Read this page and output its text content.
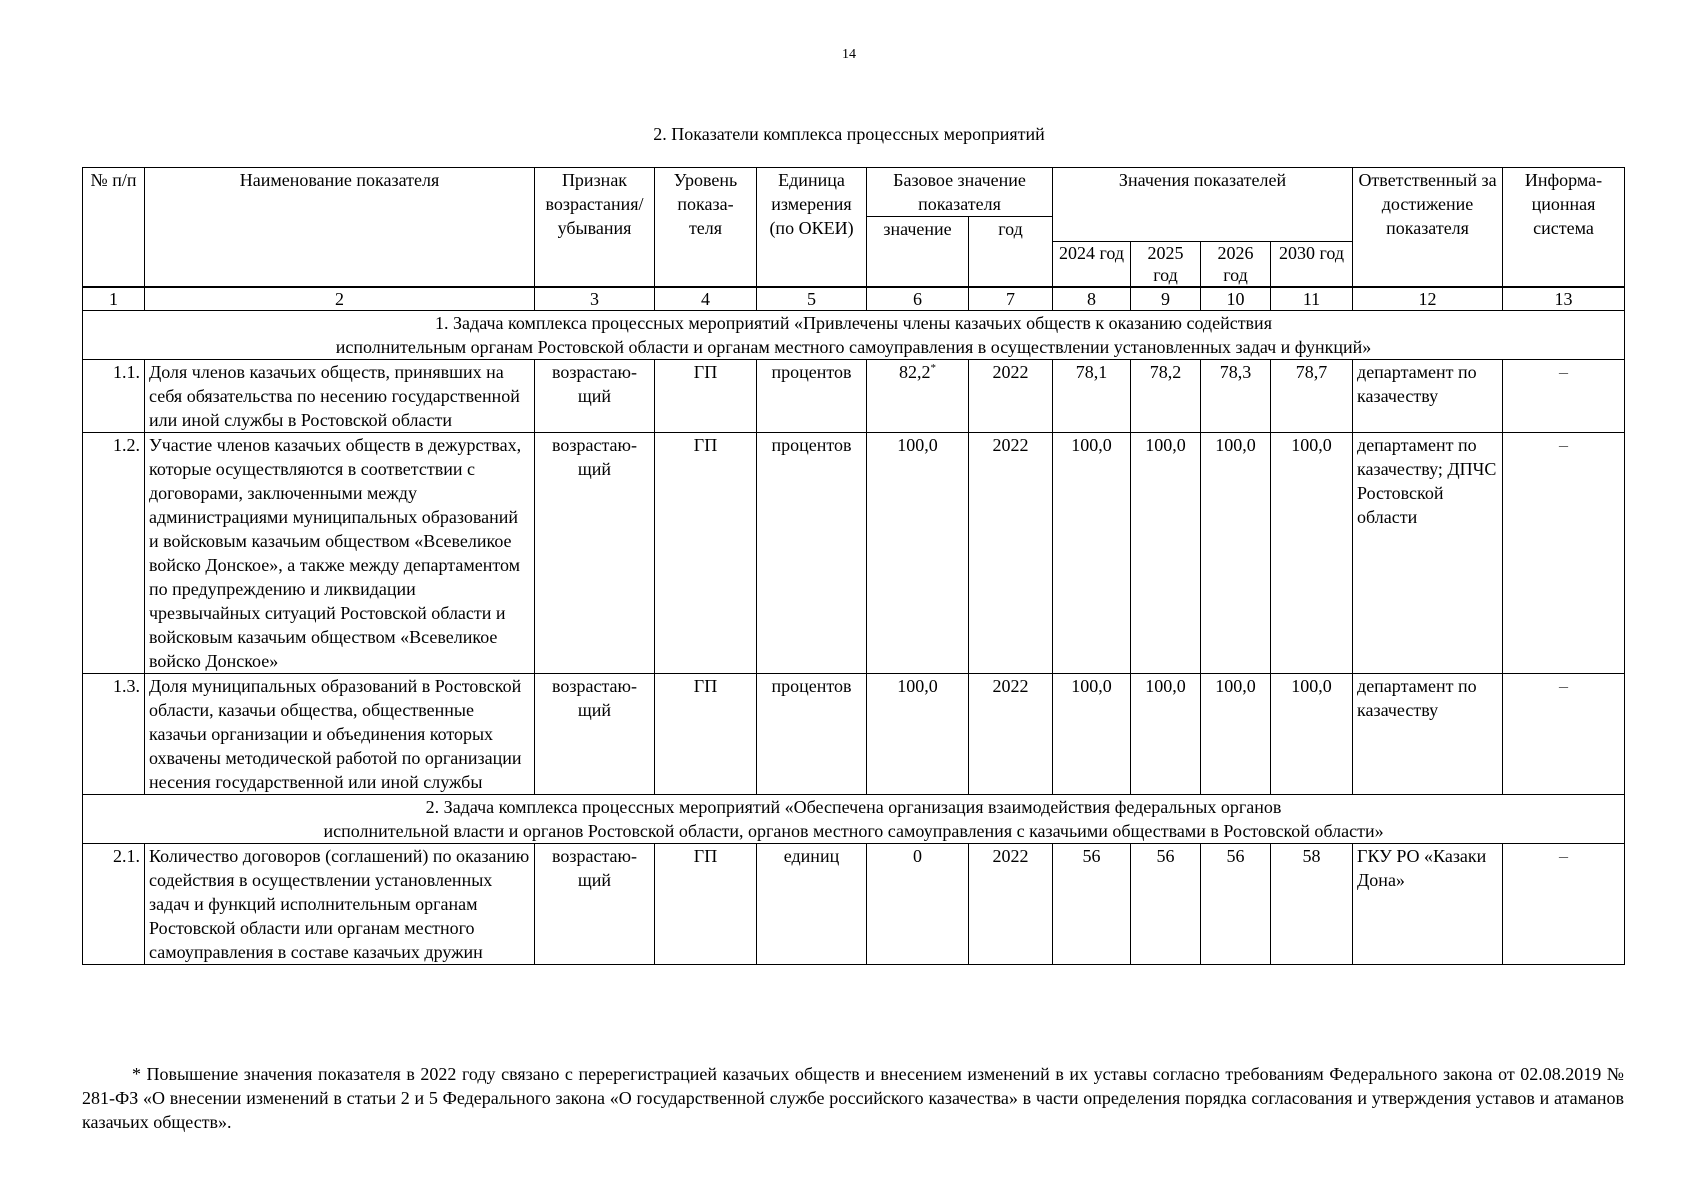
14
2. Показатели комплекса процессных мероприятий
№ п/п	Наименование показателя	Признак возрастания/ убывания	Уровень показа- теля	Единица измерения (по ОКЕИ)	Базовое значение показателя		Значения показателей				Ответственный за достижение показателя	Информа- ционная система
					значение	год						
							2024 год	2025 год	2026 год	2030 год		
1	2	3	4	5	6	7	8	9	10	11	12	13

1. Задача комплекса процессных мероприятий «Привлечены члены казачьих обществ к оказанию содействия
исполнительным органам Ростовской области и органам местного самоуправления в осуществлении установленных задач и функций»												

1.1.	Доля членов казачьих обществ, принявших на себя обязательства по несению государственной или иной службы в Ростовской области	возрастаю- щий	ГП	процентов	82,2*	2022	78,1	78,2	78,3	78,7	департамент по казачеству	–
1.2.	Участие членов казачьих обществ в дежурствах, которые осуществляются в соответствии с договорами, заключенными между администрациями муниципальных образований и войсковым казачьим обществом «Всевеликое войско Донское», а также между департаментом по предупреждению и ликвидации чрезвычайных ситуаций Ростовской области и войсковым казачьим обществом «Всевеликое войско Донское»	возрастаю- щий	ГП	процентов	100,0	2022	100,0	100,0	100,0	100,0	департамент по казачеству; ДПЧС Ростовской области	–
1.3.	Доля муниципальных образований в Ростовской области, казачьи общества, общественные казачьи организации и объединения которых охвачены методической работой по организации несения государственной или иной службы	возрастаю- щий	ГП	процентов	100,0	2022	100,0	100,0	100,0	100,0	департамент по казачеству	–

2. Задача комплекса процессных мероприятий «Обеспечена организация взаимодействия федеральных органов
исполнительной власти и органов Ростовской области, органов местного самоуправления с казачьими обществами в Ростовской области»												

2.1.	Количество договоров (соглашений) по оказанию содействия в осуществлении установленных задач и функций исполнительным органам Ростовской области или органам местного самоуправления в составе казачьих дружин	возрастаю- щий	ГП	единиц	0	2022	56	56	56	58	ГКУ РО «Казаки Дона»	–
* Повышение значения показателя в 2022 году связано с перерегистрацией казачьих обществ и внесением изменений в их уставы согласно требованиям Федерального закона от 02.08.2019 № 281-ФЗ «О внесении изменений в статьи 2 и 5 Федерального закона «О государственной службе российского казачества» в части определения порядка согласования и утверждения уставов и атаманов казачьих обществ».
